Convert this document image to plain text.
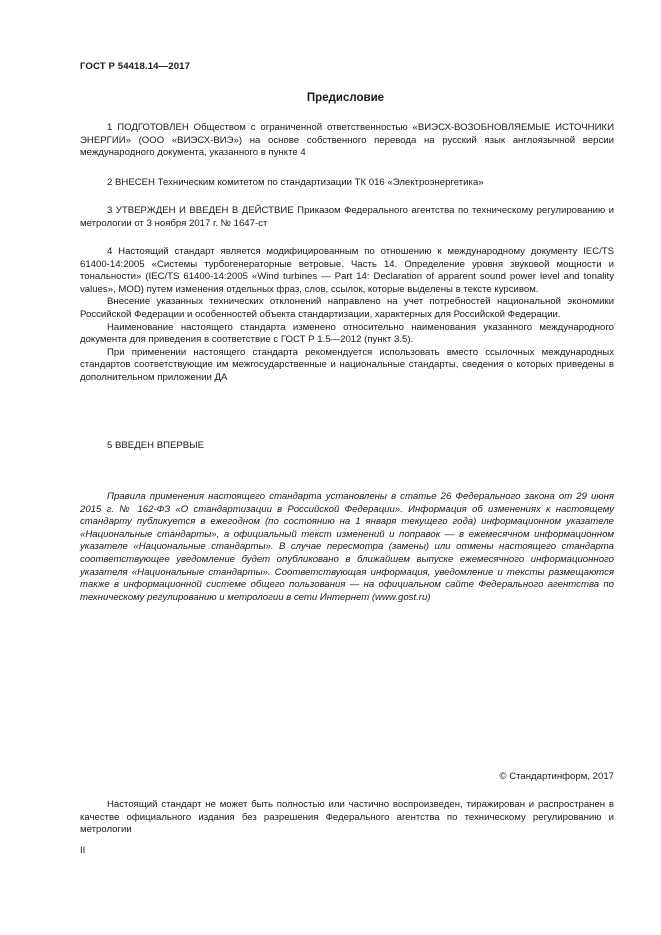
ГОСТ Р 54418.14—2017
Предисловие

1 ПОДГОТОВЛЕН Обществом с ограниченной ответственностью «ВИЭСХ-ВОЗОБНОВЛЯЕМЫЕ ИСТОЧНИКИ ЭНЕРГИИ» (ООО «ВИЭСХ-ВИЭ») на основе собственного перевода на русский язык англоязычной версии международного документа, указанного в пункте 4

2 ВНЕСЕН Техническим комитетом по стандартизации ТК 016 «Электроэнергетика»

3 УТВЕРЖДЕН И ВВЕДЕН В ДЕЙСТВИЕ Приказом Федерального агентства по техническому регулированию и метрологии от 3 ноября 2017 г. № 1647-ст

4 Настоящий стандарт является модифицированным по отношению к международному документу IEC/TS 61400-14:2005 «Системы турбогенераторные ветровые. Часть 14. Определение уровня звуковой мощности и тональности» (IEC/TS 61400-14:2005 «Wind turbines — Part 14: Declaration of apparent sound power level and tonality values», MOD) путем изменения отдельных фраз, слов, ссылок, которые выделены в тексте курсивом.

Внесение указанных технических отклонений направлено на учет потребностей национальной экономики Российской Федерации и особенностей объекта стандартизации, характерных для Российской Федерации.

Наименование настоящего стандарта изменено относительно наименования указанного международного документа для приведения в соответствие с ГОСТ Р 1.5—2012 (пункт 3.5).

При применении настоящего стандарта рекомендуется использовать вместо ссылочных международных стандартов соответствующие им межгосударственные и национальные стандарты, сведения о которых приведены в дополнительном приложении ДА

5 ВВЕДЕН ВПЕРВЫЕ

Правила применения настоящего стандарта установлены в статье 26 Федерального закона от 29 июня 2015 г. № 162-ФЗ «О стандартизации в Российской Федерации». Информация об изменениях к настоящему стандарту публикуется в ежегодном (по состоянию на 1 января текущего года) информационном указателе «Национальные стандарты», а официальный текст изменений и поправок — в ежемесячном информационном указателе «Национальные стандарты». В случае пересмотра (замены) или отмены настоящего стандарта соответствующее уведомление будет опубликовано в ближайшем выпуске ежемесячного информационного указателя «Национальные стандарты». Соответствующая информация, уведомление и тексты размещаются также в информационной системе общего пользования — на официальном сайте Федерального агентства по техническому регулированию и метрологии в сети Интернет (www.gost.ru)

© Стандартинформ, 2017

Настоящий стандарт не может быть полностью или частично воспроизведен, тиражирован и распространен в качестве официального издания без разрешения Федерального агентства по техническому регулированию и метрологии

II
